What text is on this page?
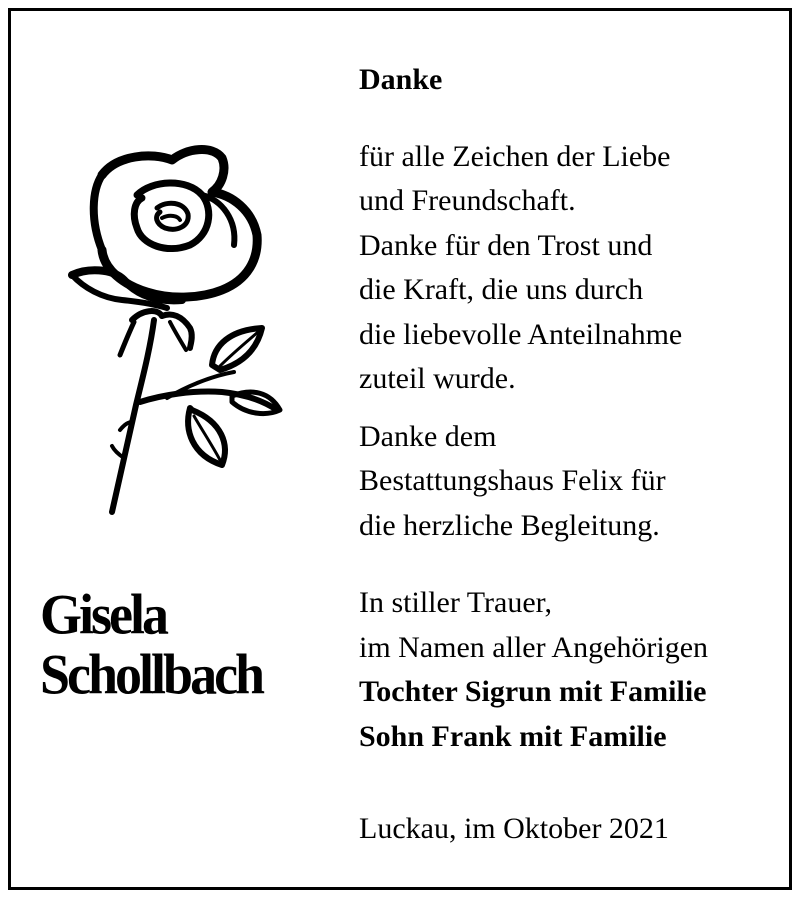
Gisela
Schollbach
Danke
für alle Zeichen der Liebe
und Freundschaft.
Danke für den Trost und
die Kraft, die uns durch
die liebevolle Anteilnahme
zuteil wurde.
Danke dem
Bestattungshaus Felix für
die herzliche Begleitung.
In stiller Trauer,
im Namen aller Angehörigen
Tochter Sigrun mit Familie
Sohn Frank mit Familie
Luckau, im Oktober 2021
